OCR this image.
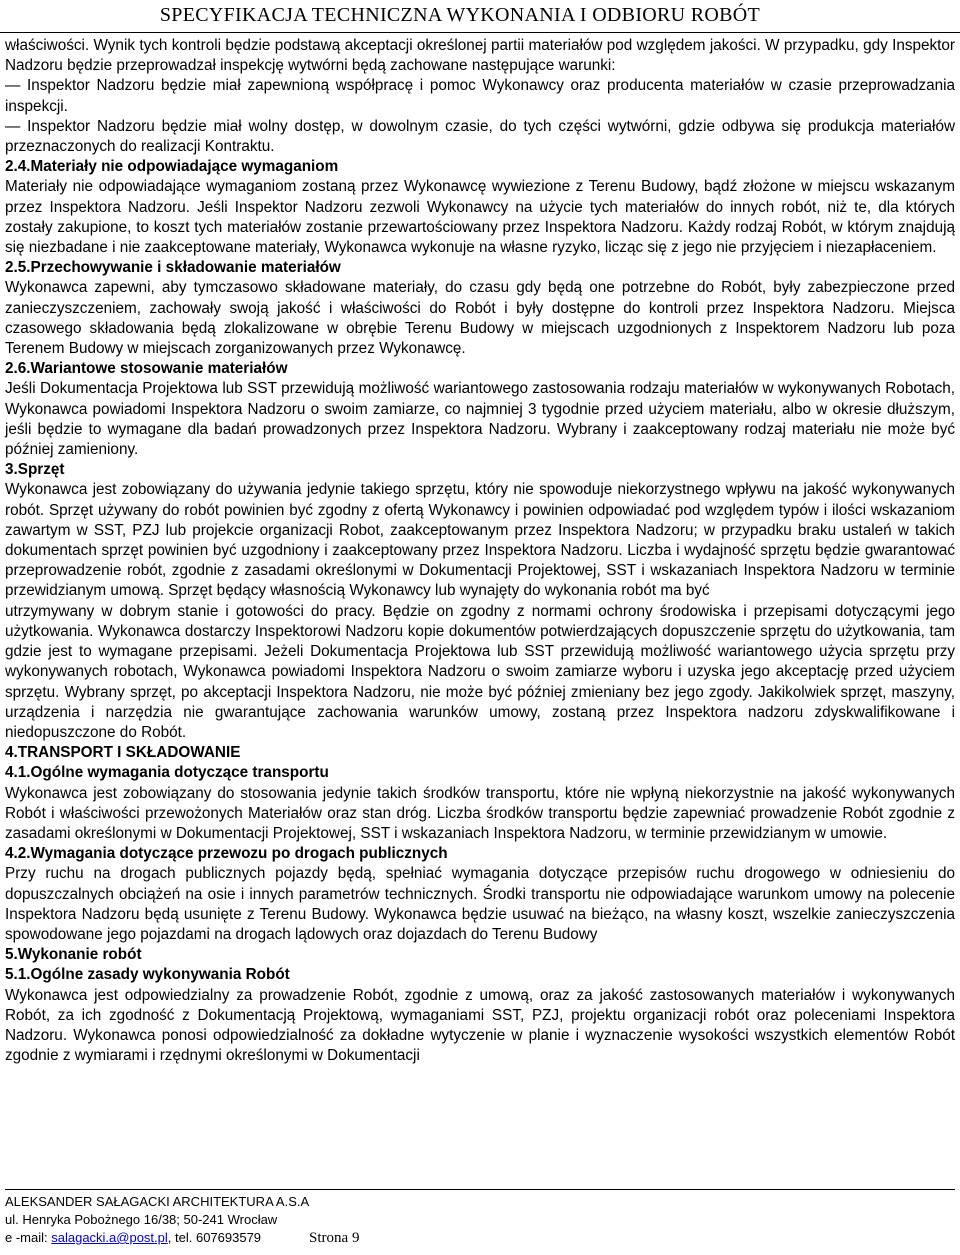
SPECYFIKACJA TECHNICZNA WYKONANIA I ODBIORU ROBÓT

właściwości. Wynik tych kontroli będzie podstawą akceptacji określonej partii materiałów pod względem jakości. W przypadku, gdy Inspektor Nadzoru będzie przeprowadzał inspekcję wytwórni będą zachowane następujące warunki:

— Inspektor Nadzoru będzie miał zapewnioną współpracę i pomoc Wykonawcy oraz producenta materiałów w czasie przeprowadzania inspekcji.

— Inspektor Nadzoru będzie miał wolny dostęp, w dowolnym czasie, do tych części wytwórni, gdzie odbywa się produkcja materiałów przeznaczonych do realizacji Kontraktu.

2.4.Materiały nie odpowiadające wymaganiom

Materiały nie odpowiadające wymaganiom zostaną przez Wykonawcę wywiezione z Terenu Budowy, bądź złożone w miejscu wskazanym przez Inspektora Nadzoru. Jeśli Inspektor Nadzoru zezwoli Wykonawcy na użycie tych materiałów do innych robót, niż te, dla których zostały zakupione, to koszt tych materiałów zostanie przewartościowany przez Inspektora Nadzoru. Każdy rodzaj Robót, w którym znajdują się niezbadane i nie zaakceptowane materiały, Wykonawca wykonuje na własne ryzyko, licząc się z jego nie przyjęciem i niezapłaceniem.

2.5.Przechowywanie i składowanie materiałów

Wykonawca zapewni, aby tymczasowo składowane materiały, do czasu gdy będą one potrzebne do Robót, były zabezpieczone przed zanieczyszczeniem, zachowały swoją jakość i właściwości do Robót i były dostępne do kontroli przez Inspektora Nadzoru. Miejsca czasowego składowania będą zlokalizowane w obrębie Terenu Budowy w miejscach uzgodnionych z Inspektorem Nadzoru lub poza Terenem Budowy w miejscach zorganizowanych przez Wykonawcę.

2.6.Wariantowe stosowanie materiałów

Jeśli Dokumentacja Projektowa lub SST przewidują możliwość wariantowego zastosowania rodzaju materiałów w wykonywanych Robotach, Wykonawca powiadomi Inspektora Nadzoru o swoim zamiarze, co najmniej 3 tygodnie przed użyciem materiału, albo w okresie dłuższym, jeśli będzie to wymagane dla badań prowadzonych przez Inspektora Nadzoru. Wybrany i zaakceptowany rodzaj materiału nie może być później zamieniony.

3.Sprzęt

Wykonawca jest zobowiązany do używania jedynie takiego sprzętu, który nie spowoduje niekorzystnego wpływu na jakość wykonywanych robót. Sprzęt używany do robót powinien być zgodny z ofertą Wykonawcy i powinien odpowiadać pod względem typów i ilości wskazaniom zawartym w SST, PZJ lub projekcie organizacji Robot, zaakceptowanym przez Inspektora Nadzoru; w przypadku braku ustaleń w takich dokumentach sprzęt powinien być uzgodniony i zaakceptowany przez Inspektora Nadzoru. Liczba i wydajność sprzętu będzie gwarantować przeprowadzenie robót, zgodnie z zasadami określonymi w Dokumentacji Projektowej, SST i wskazaniach Inspektora Nadzoru w terminie przewidzianym umową. Sprzęt będący własnością Wykonawcy lub wynajęty do wykonania robót ma być

utrzymywany w dobrym stanie i gotowości do pracy. Będzie on zgodny z normami ochrony środowiska i przepisami dotyczącymi jego użytkowania. Wykonawca dostarczy Inspektorowi Nadzoru kopie dokumentów potwierdzających dopuszczenie sprzętu do użytkowania, tam gdzie jest to wymagane przepisami. Jeżeli Dokumentacja Projektowa lub SST przewidują możliwość wariantowego użycia sprzętu przy wykonywanych robotach, Wykonawca powiadomi Inspektora Nadzoru o swoim zamiarze wyboru i uzyska jego akceptację przed użyciem sprzętu. Wybrany sprzęt, po akceptacji Inspektora Nadzoru, nie może być później zmieniany bez jego zgody. Jakikolwiek sprzęt, maszyny, urządzenia i narzędzia nie gwarantujące zachowania warunków umowy, zostaną przez Inspektora nadzoru zdyskwalifikowane i niedopuszczone do Robót.

4.TRANSPORT I SKŁADOWANIE
4.1.Ogólne wymagania dotyczące transportu

Wykonawca jest zobowiązany do stosowania jedynie takich środków transportu, które nie wpłyną niekorzystnie na jakość wykonywanych Robót i właściwości przewożonych Materiałów oraz stan dróg. Liczba środków transportu będzie zapewniać prowadzenie Robót zgodnie z zasadami określonymi w Dokumentacji Projektowej, SST i wskazaniach Inspektora Nadzoru, w terminie przewidzianym w umowie.

4.2.Wymagania dotyczące przewozu po drogach publicznych

Przy ruchu na drogach publicznych pojazdy będą, spełniać wymagania dotyczące przepisów ruchu drogowego w odniesieniu do dopuszczalnych obciążeń na osie i innych parametrów technicznych. Środki transportu nie odpowiadające warunkom umowy na polecenie Inspektora Nadzoru będą usunięte z Terenu Budowy. Wykonawca będzie usuwać na bieżąco, na własny koszt, wszelkie zanieczyszczenia spowodowane jego pojazdami na drogach lądowych oraz dojazdach do Terenu Budowy

5.Wykonanie robót
5.1.Ogólne zasady wykonywania Robót

Wykonawca jest odpowiedzialny za prowadzenie Robót, zgodnie z umową, oraz za jakość zastosowanych materiałów i wykonywanych Robót, za ich zgodność z Dokumentacją Projektową, wymaganiami SST, PZJ, projektu organizacji robót oraz poleceniami Inspektora Nadzoru. Wykonawca ponosi odpowiedzialność za dokładne wytyczenie w planie i wyznaczenie wysokości wszystkich elementów Robót zgodnie z wymiarami i rzędnymi określonymi w Dokumentacji

ALEKSANDER SAŁAGACKI ARCHITEKTURA A.S.A
ul. Henryka Pobożnego 16/38; 50-241 Wrocław
e -mail: salagacki.a@post.pl, tel. 607693579	Strona 9
